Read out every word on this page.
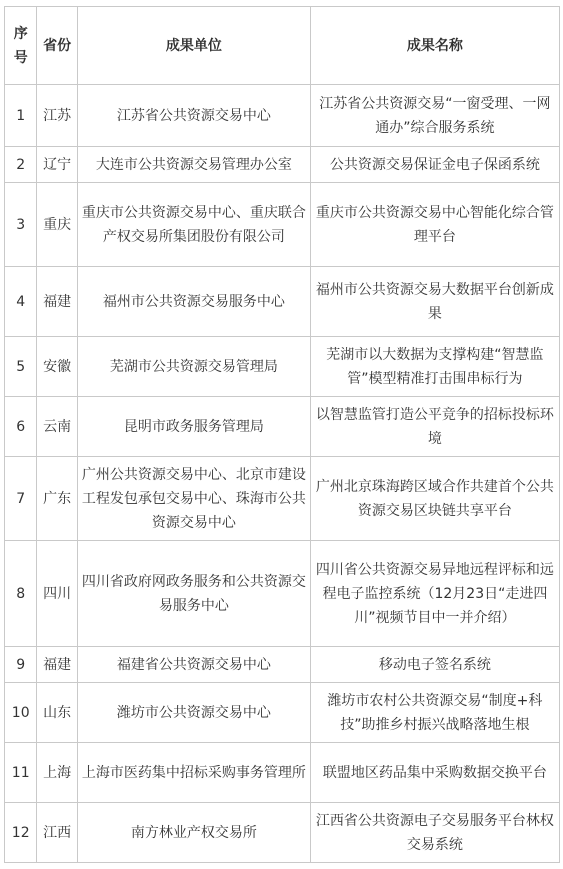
序号	省份	成果单位	成果名称
1	江苏	江苏省公共资源交易中心	江苏省公共资源交易“一窗受理、一网通办”综合服务系统
2	辽宁	大连市公共资源交易管理办公室	公共资源交易保证金电子保函系统
3	重庆	重庆市公共资源交易中心、重庆联合产权交易所集团股份有限公司	重庆市公共资源交易中心智能化综合管理平台
4	福建	福州市公共资源交易服务中心	福州市公共资源交易大数据平台创新成果
5	安徽	芜湖市公共资源交易管理局	芜湖市以大数据为支撑构建“智慧监管”模型精准打击围串标行为
6	云南	昆明市政务服务管理局	以智慧监管打造公平竞争的招标投标环境
7	广东	广州公共资源交易中心、北京市建设工程发包承包交易中心、珠海市公共资源交易中心	广州北京珠海跨区域合作共建首个公共资源交易区块链共享平台
8	四川	四川省政府网政务服务和公共资源交易服务中心	四川省公共资源交易异地远程评标和远程电子监控系统（12月23日“走进四川”视频节目中一并介绍）
9	福建	福建省公共资源交易中心	移动电子签名系统
10	山东	潍坊市公共资源交易中心	潍坊市农村公共资源交易“制度+科技”助推乡村振兴战略落地生根
11	上海	上海市医药集中招标采购事务管理所	联盟地区药品集中采购数据交换平台
12	江西	南方林业产权交易所	江西省公共资源电子交易服务平台林权交易系统
